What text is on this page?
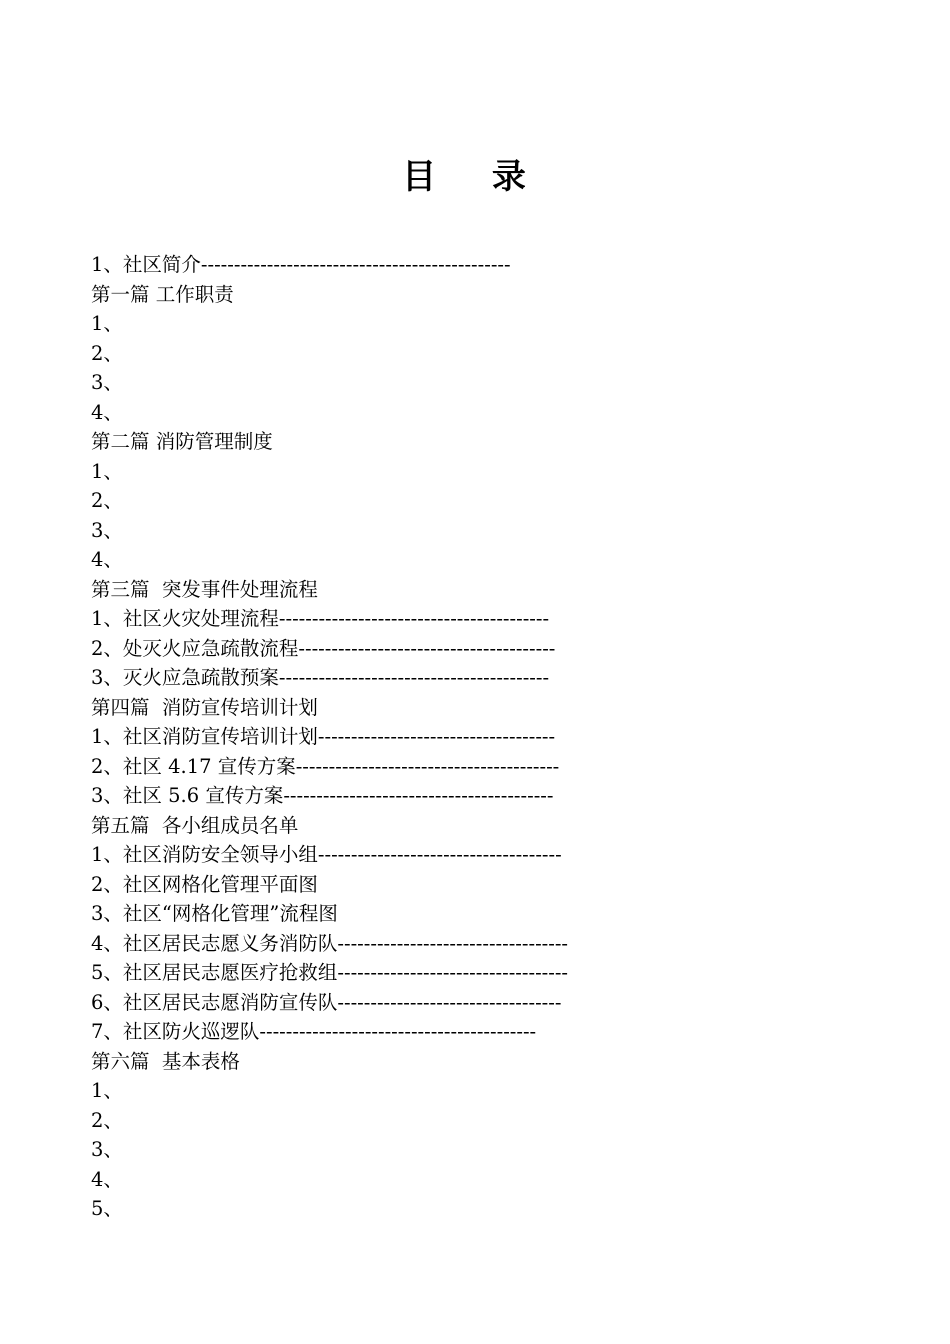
目 录
1、社区简介-----------------------------------------------
第一篇 工作职责
1、
2、
3、
4、
第二篇 消防管理制度
1、
2、
3、
4、
第三篇  突发事件处理流程
1、社区火灾处理流程-----------------------------------------
2、处灭火应急疏散流程---------------------------------------
3、灭火应急疏散预案-----------------------------------------
第四篇  消防宣传培训计划
1、社区消防宣传培训计划------------------------------------
2、社区 4.17 宣传方案----------------------------------------
3、社区 5.6 宣传方案-----------------------------------------
第五篇  各小组成员名单
1、社区消防安全领导小组-------------------------------------
2、社区网格化管理平面图
3、社区“网格化管理”流程图
4、社区居民志愿义务消防队-----------------------------------
5、社区居民志愿医疗抢救组-----------------------------------
6、社区居民志愿消防宣传队----------------------------------
7、社区防火巡逻队------------------------------------------
第六篇  基本表格
1、
2、
3、
4、
5、
